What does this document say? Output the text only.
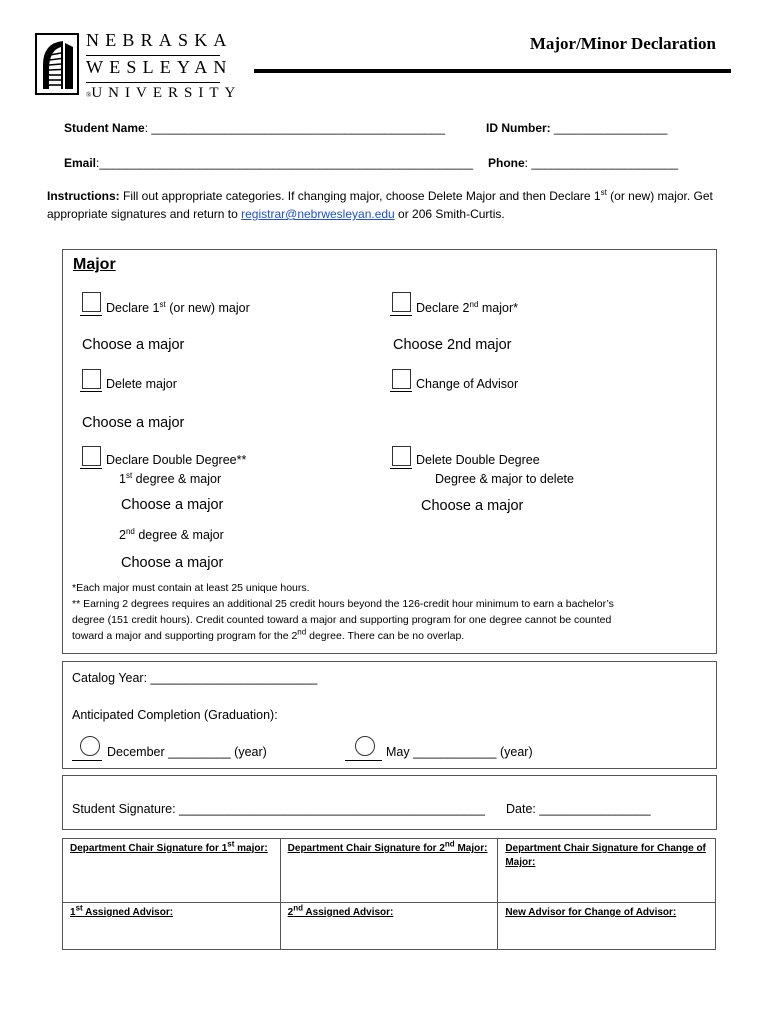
NEBRASKA
WESLEYAN
®UNIVERSITY
Major/Minor Declaration
Student Name: ____________________________________________	ID Number: _________________
Email:________________________________________________________ Phone: ______________________
Instructions: Fill out appropriate categories. If changing major, choose Delete Major and then Declare 1st (or new) major. Get appropriate signatures and return to registrar@nebrwesleyan.edu or 206 Smith-Curtis.
Major
Declare 1st (or new) major	Declare 2nd major*
Choose a major	Choose 2nd major
Delete major	Change of Advisor
Choose a major
Declare Double Degree**
1st degree & major
Delete Double Degree
Degree & major to delete
Choose a major	Choose a major
2nd degree & major
Choose a major
*Each major must contain at least 25 unique hours.
** Earning 2 degrees requires an additional 25 credit hours beyond the 126-credit hour minimum to earn a bachelor’s
degree (151 credit hours). Credit counted toward a major and supporting program for one degree cannot be counted
toward a major and supporting program for the 2nd degree. There can be no overlap.
Catalog Year: ________________________
Anticipated Completion (Graduation):
December _________ (year)	May ____________ (year)
Student Signature: ____________________________________________ Date: ________________
Department Chair Signature for 1st major:	Department Chair Signature for 2nd Major:	Department Chair Signature for Change of Major:
1st Assigned Advisor:	2nd Assigned Advisor:	New Advisor for Change of Advisor:
